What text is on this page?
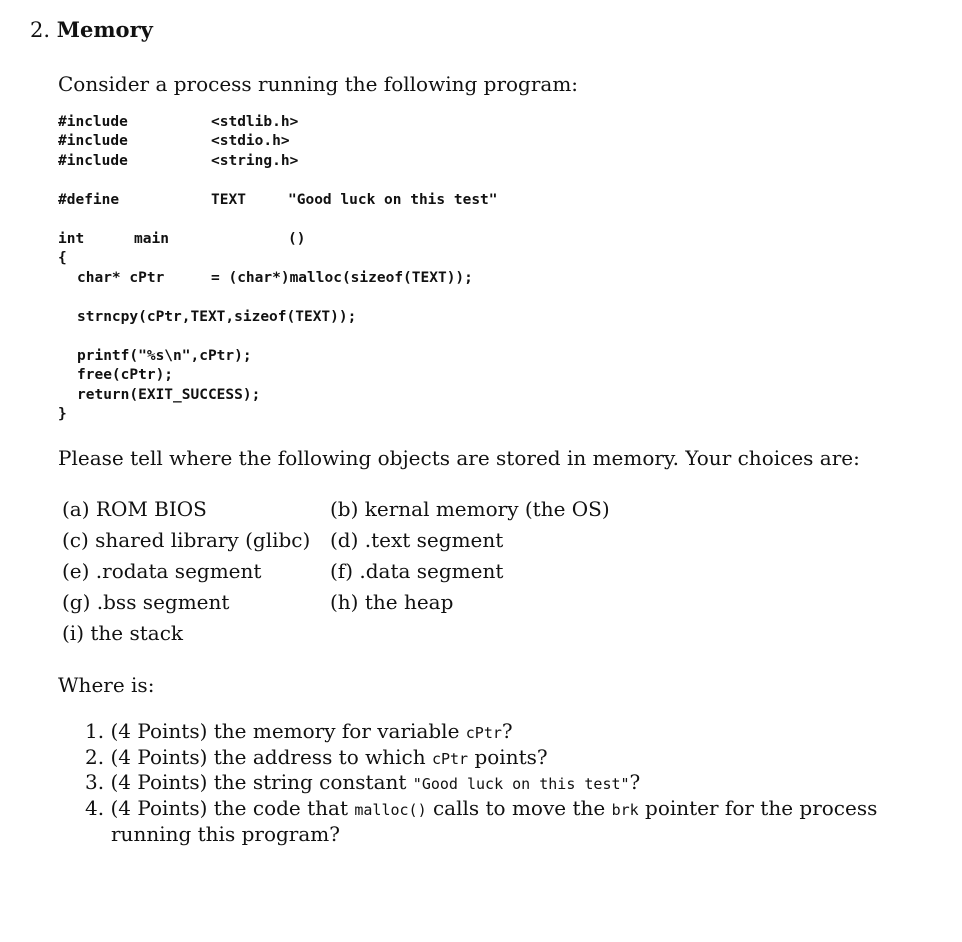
2. Memory
Consider a process running the following program:
#include	<stdlib.h>
#include	<stdio.h>
#include	<string.h>
#define	TEXT	"Good luck on this test"
int	main	()
{
char* cPtr	= (char*)malloc(sizeof(TEXT));
strncpy(cPtr,TEXT,sizeof(TEXT));
printf("%s\n",cPtr);
free(cPtr);
return(EXIT_SUCCESS);
}
Please tell where the following objects are stored in memory. Your choices are:
(a) ROM BIOS	(b) kernal memory (the OS)
(c) shared library (glibc) (d) .text segment
(e) .rodata segment	(f) .data segment
(g) .bss segment	(h) the heap
(i) the stack
Where is:
1. (4 Points) the memory for variable cPtr?
2. (4 Points) the address to which cPtr points?
3. (4 Points) the string constant "Good luck on this test"?
4. (4 Points) the code that malloc() calls to move the brk pointer for the process
running this program?
